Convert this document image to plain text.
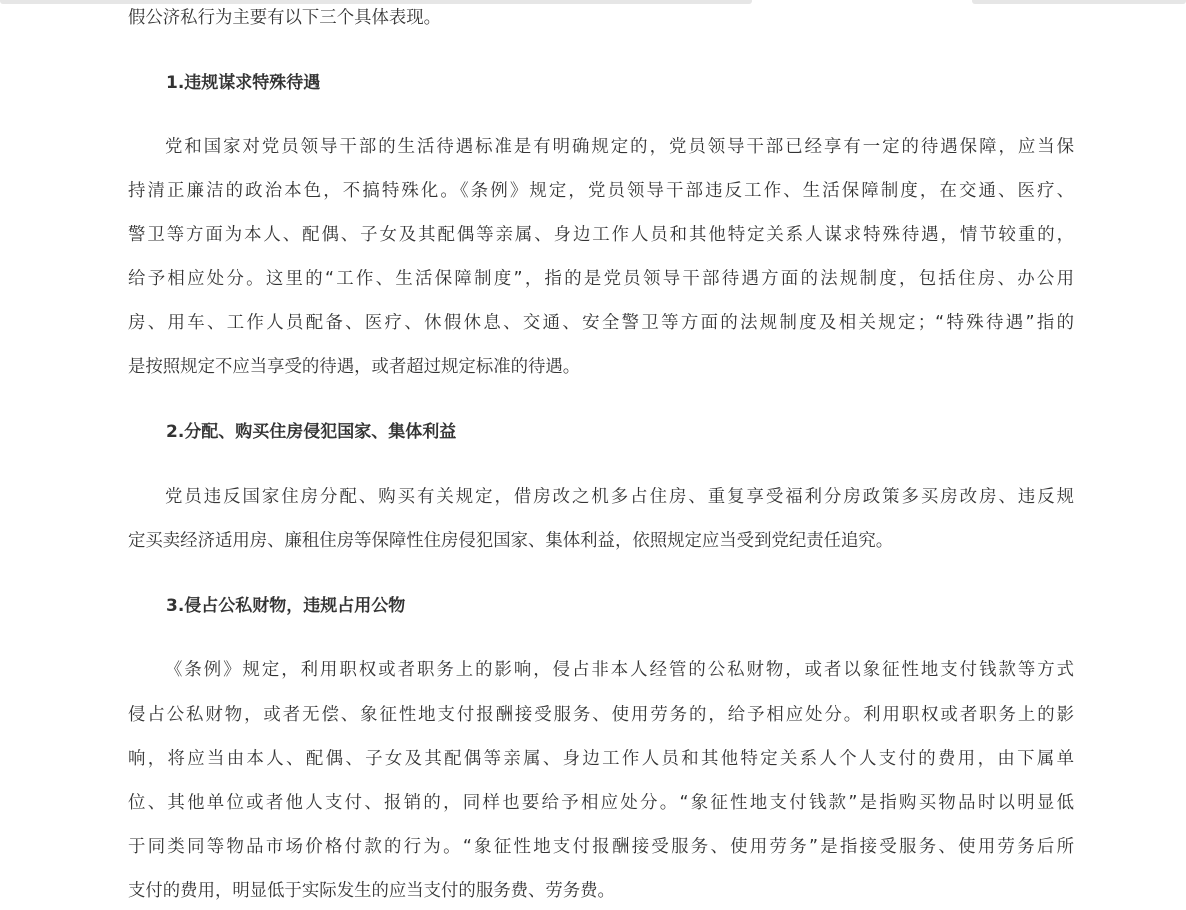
假公济私行为主要有以下三个具体表现。
1.违规谋求特殊待遇
党和国家对党员领导干部的生活待遇标准是有明确规定的，党员领导干部已经享有一定的待遇保障，应当保
持清正廉洁的政治本色，不搞特殊化。《条例》规定，党员领导干部违反工作、生活保障制度，在交通、医疗、
警卫等方面为本人、配偶、子女及其配偶等亲属、身边工作人员和其他特定关系人谋求特殊待遇，情节较重的，
给予相应处分。这里的“工作、生活保障制度”，指的是党员领导干部待遇方面的法规制度，包括住房、办公用
房、用车、工作人员配备、医疗、休假休息、交通、安全警卫等方面的法规制度及相关规定；“特殊待遇”指的
是按照规定不应当享受的待遇，或者超过规定标准的待遇。
2.分配、购买住房侵犯国家、集体利益
党员违反国家住房分配、购买有关规定，借房改之机多占住房、重复享受福利分房政策多买房改房、违反规
定买卖经济适用房、廉租住房等保障性住房侵犯国家、集体利益，依照规定应当受到党纪责任追究。
3.侵占公私财物，违规占用公物
《条例》规定，利用职权或者职务上的影响，侵占非本人经管的公私财物，或者以象征性地支付钱款等方式
侵占公私财物，或者无偿、象征性地支付报酬接受服务、使用劳务的，给予相应处分。利用职权或者职务上的影
响，将应当由本人、配偶、子女及其配偶等亲属、身边工作人员和其他特定关系人个人支付的费用，由下属单
位、其他单位或者他人支付、报销的，同样也要给予相应处分。“象征性地支付钱款”是指购买物品时以明显低
于同类同等物品市场价格付款的行为。“象征性地支付报酬接受服务、使用劳务”是指接受服务、使用劳务后所
支付的费用，明显低于实际发生的应当支付的服务费、劳务费。
